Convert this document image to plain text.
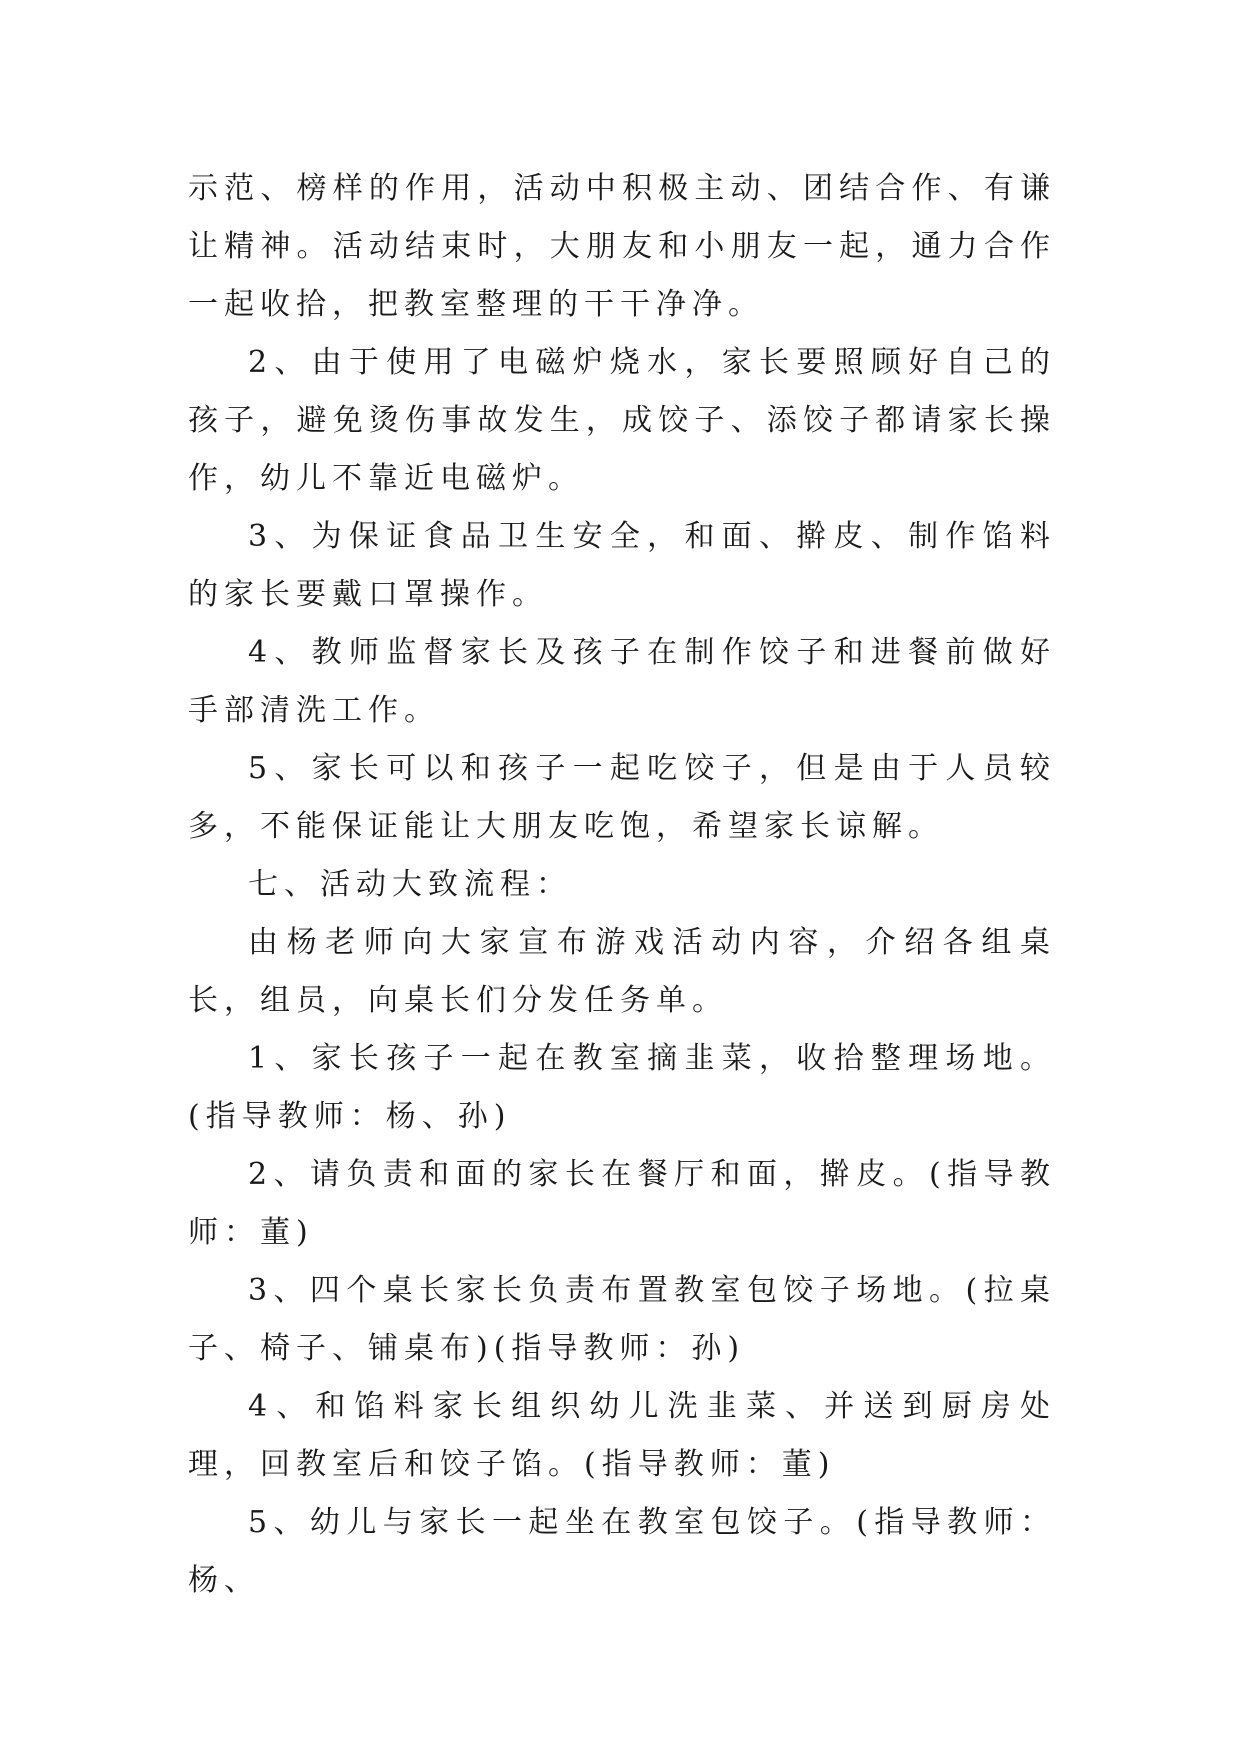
示范、榜样的作用，活动中积极主动、团结合作、有谦让精神。活动结束时，大朋友和小朋友一起，通力合作一起收拾，把教室整理的干干净净。

2、由于使用了电磁炉烧水，家长要照顾好自己的孩子，避免烫伤事故发生，成饺子、添饺子都请家长操作，幼儿不靠近电磁炉。

3、为保证食品卫生安全，和面、擀皮、制作馅料的家长要戴口罩操作。

4、教师监督家长及孩子在制作饺子和进餐前做好手部清洗工作。

5、家长可以和孩子一起吃饺子，但是由于人员较多，不能保证能让大朋友吃饱，希望家长谅解。

七、活动大致流程：

由杨老师向大家宣布游戏活动内容，介绍各组桌长，组员，向桌长们分发任务单。

1、家长孩子一起在教室摘韭菜，收拾整理场地。(指导教师：杨、孙)

2、请负责和面的家长在餐厅和面，擀皮。(指导教师：董)

3、四个桌长家长负责布置教室包饺子场地。(拉桌子、椅子、铺桌布)(指导教师：孙)

4、和馅料家长组织幼儿洗韭菜、并送到厨房处理，回教室后和饺子馅。(指导教师：董)

5、幼儿与家长一起坐在教室包饺子。(指导教师：杨、
